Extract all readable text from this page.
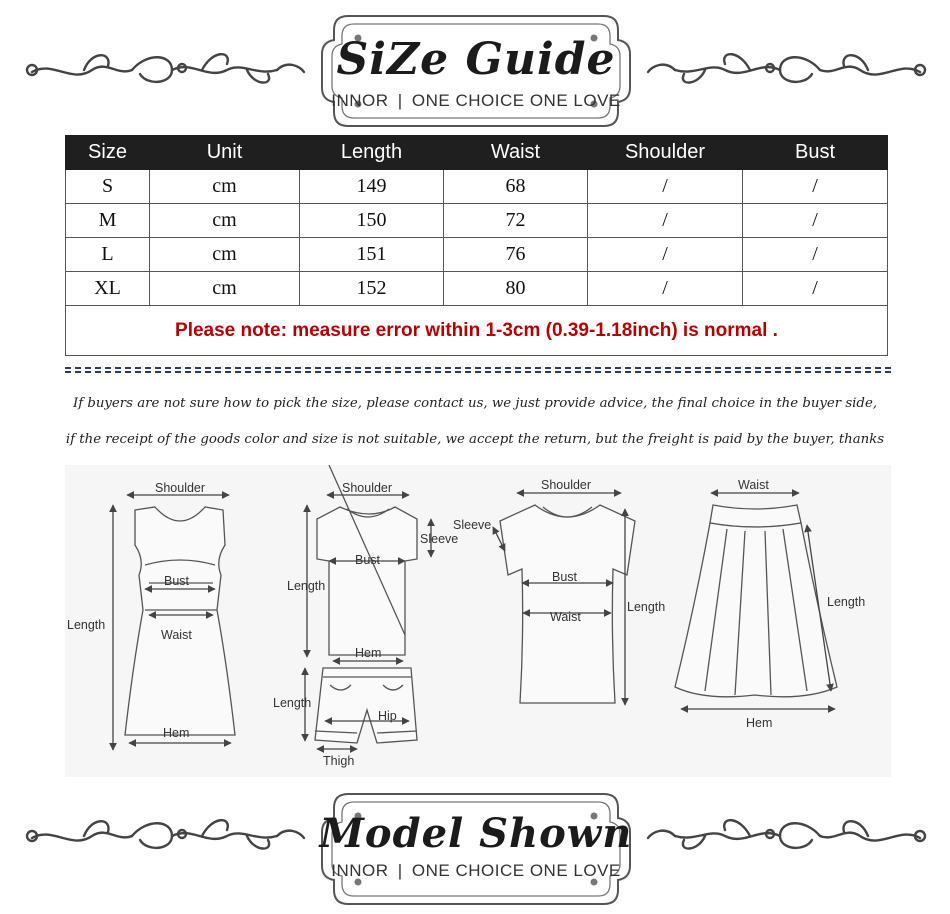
SiZe Guide
INNOR | ONE CHOICE ONE LOVE
Size	Unit	Length	Waist	Shoulder	Bust
S	cm	149	68	/	/
M	cm	150	72	/	/
L	cm	151	76	/	/
XL	cm	152	80	/	/
Please note: measure error within 1-3cm (0.39-1.18inch) is normal .					
If buyers are not sure how to pick the size, please contact us, we just provide advice, the final choice in the buyer side,
if the receipt of the goods color and size is not suitable, we accept the return, but the freight is paid by the buyer, thanks
Shoulder
Bust
Waist
Length
Hem
Shoulder
Sleeve
Bust
Length
Hem
Length
Hip
Thigh
Shoulder
Sleeve
Bust
Waist
Length
Waist
Length
Hem
Model Shown
INNOR | ONE CHOICE ONE LOVE
